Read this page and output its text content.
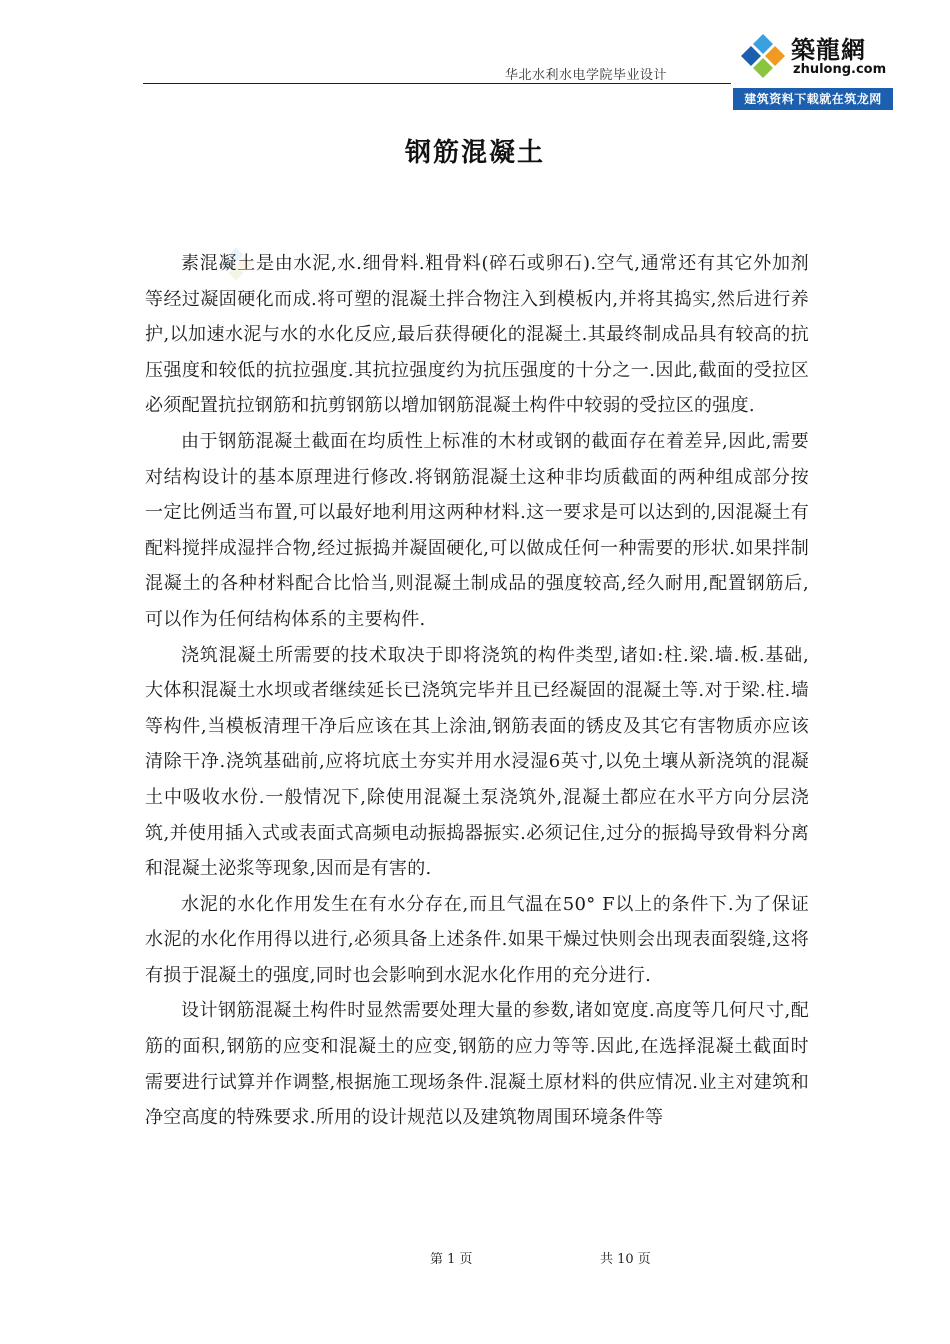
华北水利水电学院毕业设计
築龍網
zhulong.com
建筑资料下载就在筑龙网
钢筋混凝土

素混凝土是由水泥,水.细骨料.粗骨料(碎石或卵石).空气,通常还有其它外加剂等经过凝固硬化而成.将可塑的混凝土拌合物注入到模板内,并将其捣实,然后进行养护,以加速水泥与水的水化反应,最后获得硬化的混凝土.其最终制成品具有较高的抗压强度和较低的抗拉强度.其抗拉强度约为抗压强度的十分之一.因此,截面的受拉区必须配置抗拉钢筋和抗剪钢筋以增加钢筋混凝土构件中较弱的受拉区的强度.

由于钢筋混凝土截面在均质性上标准的木材或钢的截面存在着差异,因此,需要对结构设计的基本原理进行修改.将钢筋混凝土这种非均质截面的两种组成部分按一定比例适当布置,可以最好地利用这两种材料.这一要求是可以达到的,因混凝土有配料搅拌成湿拌合物,经过振捣并凝固硬化,可以做成任何一种需要的形状.如果拌制混凝土的各种材料配合比恰当,则混凝土制成品的强度较高,经久耐用,配置钢筋后,可以作为任何结构体系的主要构件.

浇筑混凝土所需要的技术取决于即将浇筑的构件类型,诸如:柱.梁.墙.板.基础,大体积混凝土水坝或者继续延长已浇筑完毕并且已经凝固的混凝土等.对于梁.柱.墙等构件,当模板清理干净后应该在其上涂油,钢筋表面的锈皮及其它有害物质亦应该清除干净.浇筑基础前,应将坑底土夯实并用水浸湿6英寸,以免土壤从新浇筑的混凝土中吸收水份.一般情况下,除使用混凝土泵浇筑外,混凝土都应在水平方向分层浇筑,并使用插入式或表面式高频电动振捣器振实.必须记住,过分的振捣导致骨料分离和混凝土泌浆等现象,因而是有害的.

水泥的水化作用发生在有水分存在,而且气温在50° F以上的条件下.为了保证水泥的水化作用得以进行,必须具备上述条件.如果干燥过快则会出现表面裂缝,这将有损于混凝土的强度,同时也会影响到水泥水化作用的充分进行.

设计钢筋混凝土构件时显然需要处理大量的参数,诸如宽度.高度等几何尺寸,配筋的面积,钢筋的应变和混凝土的应变,钢筋的应力等等.因此,在选择混凝土截面时需要进行试算并作调整,根据施工现场条件.混凝土原材料的供应情况.业主对建筑和净空高度的特殊要求.所用的设计规范以及建筑物周围环境条件等

第 1 页	共 10 页
